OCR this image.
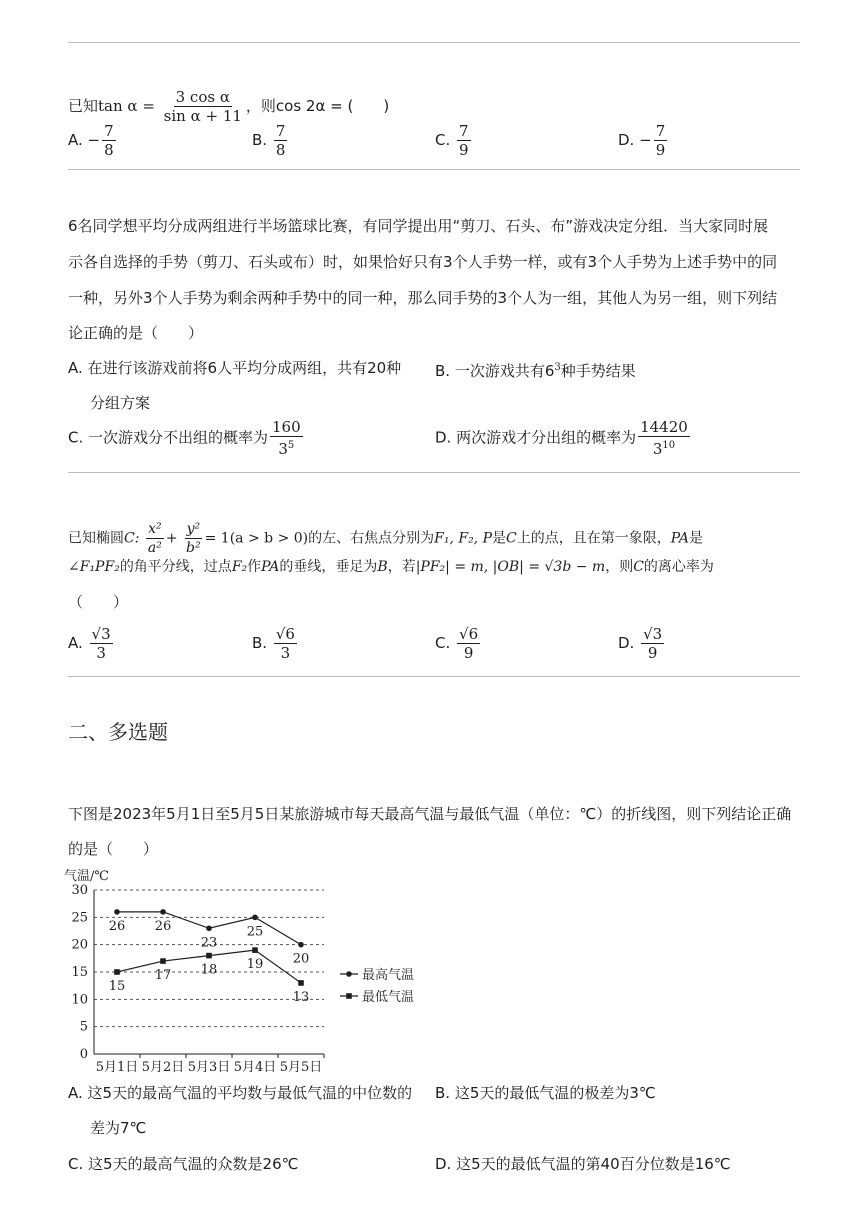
已知$\tan \alpha = \frac{\text{3 cos α}}{\text{sin α + 11}}$ ，则cos 2α = (　　)
A. − $\frac{7}{8}$	B. $\frac{7}{8}$	C. $\frac{7}{9}$	D. − $\frac{7}{9}$
6名同学想平均分成两组进行半场篮球比赛，有同学提出用“剪刀、石头、布”游戏决定分组．当大家同时展
示各自选择的手势（剪刀、石头或布）时，如果恰好只有3个人手势一样，或有3个人手势为上述手势中的同
一种，另外3个人手势为剩余两种手势中的同一种，那么同手势的3个人为一组，其他人为另一组，则下列结
论正确的是（　　）
A. 在进行该游戏前将6人平均分成两组，共有20种
分组方案
B. 一次游戏共有$6^3$种手势结果
C. 一次游戏分不出组的概率为 $\frac{160}{3^5}$	D. 两次游戏才分出组的概率为 $\frac{14420}{3^{10}}$
已知椭圆C: $\frac{\text{x²}}{\text{a²}} + \frac{\text{y²}}{\text{b²}} = 1(a > b > 0)$的左、右焦点分别为F₁, F₂, P是C上的点，且在第一象限，PA是
∠F₁PF₂的角平分线，过点F₂作PA的垂线，垂足为B，若|PF₂| = m, |OB| = √3b − m，则C的离心率为
（　　）
A. $\frac{√3}{3}$	B. $\frac{√6}{3}$	C. $\frac{√6}{9}$	D. $\frac{√3}{9}$
二、多选题
下图是2023年5月1日至5月5日某旅游城市每天最高气温与最低气温（单位：℃）的折线图，则下列结论正确
的是（　　）
气温/℃
0
5
10
15
20
25
30
5月1日 5月2日 5月3日 5月4日 5月5日
26 26
23
25
20
15
17 18 19
13
最高气温
最低气温
A. 这5天的最高气温的平均数与最低气温的中位数的
差为7℃
B. 这5天的最低气温的极差为3℃
C. 这5天的最高气温的众数是26℃	D. 这5天的最低气温的第40百分位数是16℃
